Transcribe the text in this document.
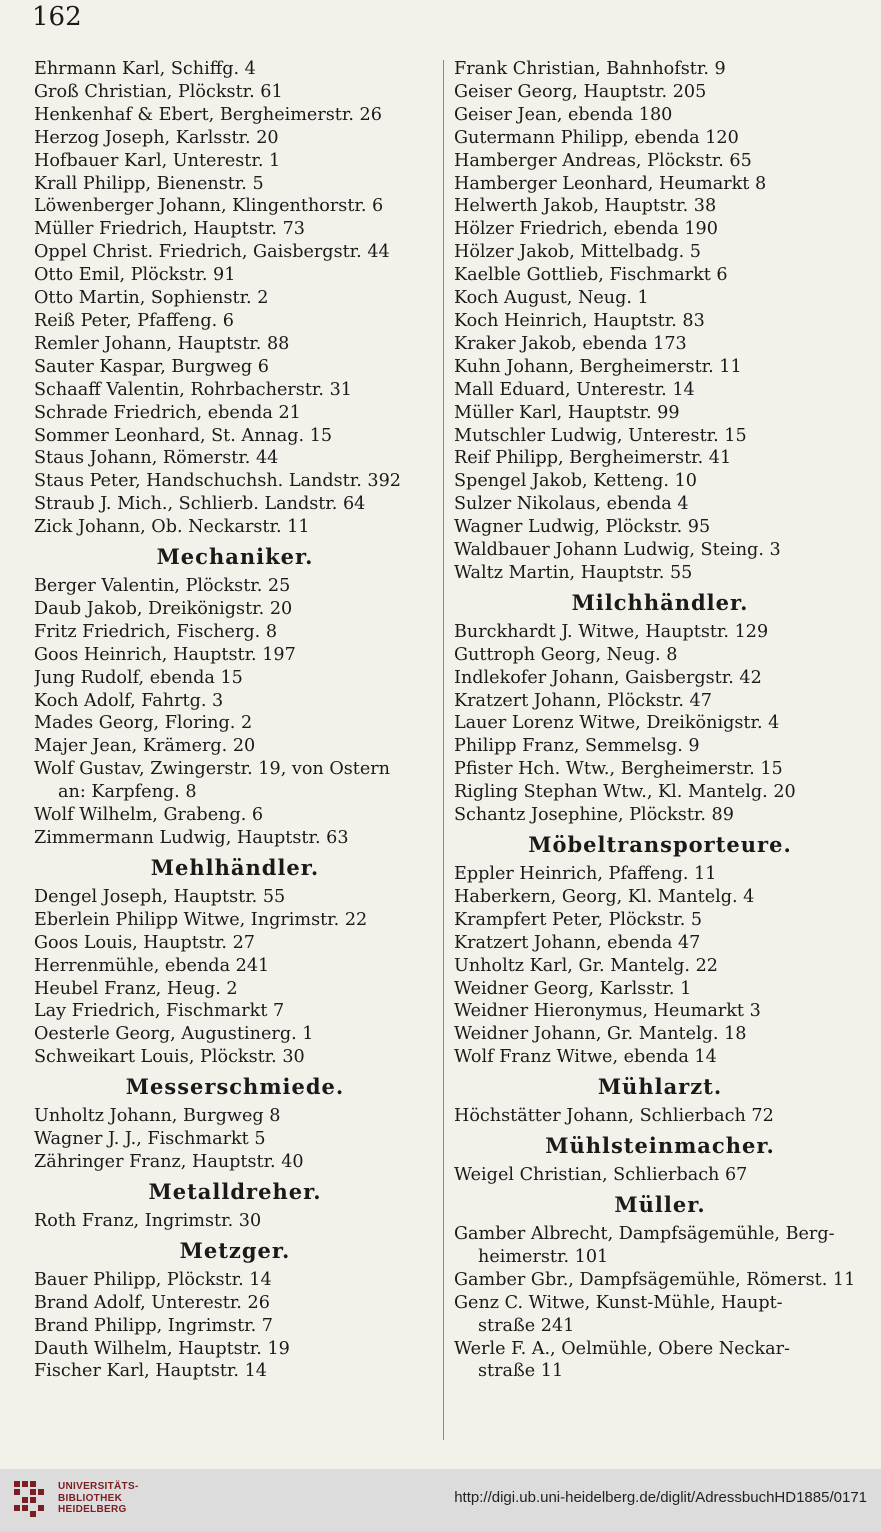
162
Ehrmann Karl, Schiffg. 4
Groß Christian, Plöckstr. 61
Henkenhaf & Ebert, Bergheimerstr. 26
Herzog Joseph, Karlsstr. 20
Hofbauer Karl, Unterestr. 1
Krall Philipp, Bienenstr. 5
Löwenberger Johann, Klingenthorstr. 6
Müller Friedrich, Hauptstr. 73
Oppel Christ. Friedrich, Gaisbergstr. 44
Otto Emil, Plöckstr. 91
Otto Martin, Sophienstr. 2
Reiß Peter, Pfaffeng. 6
Remler Johann, Hauptstr. 88
Sauter Kaspar, Burgweg 6
Schaaff Valentin, Rohrbacherstr. 31
Schrade Friedrich, ebenda 21
Sommer Leonhard, St. Annag. 15
Staus Johann, Römerstr. 44
Staus Peter, Handschuchsh. Landstr. 392
Straub J. Mich., Schlierb. Landstr. 64
Zick Johann, Ob. Neckarstr. 11
Mechaniker.
Berger Valentin, Plöckstr. 25
Daub Jakob, Dreikönigstr. 20
Fritz Friedrich, Fischerg. 8
Goos Heinrich, Hauptstr. 197
Jung Rudolf, ebenda 15
Koch Adolf, Fahrtg. 3
Mades Georg, Floring. 2
Majer Jean, Krämerg. 20
Wolf Gustav, Zwingerstr. 19, von Ostern
an: Karpfeng. 8
Wolf Wilhelm, Grabeng. 6
Zimmermann Ludwig, Hauptstr. 63
Mehlhändler.
Dengel Joseph, Hauptstr. 55
Eberlein Philipp Witwe, Ingrimstr. 22
Goos Louis, Hauptstr. 27
Herrenmühle, ebenda 241
Heubel Franz, Heug. 2
Lay Friedrich, Fischmarkt 7
Oesterle Georg, Augustinerg. 1
Schweikart Louis, Plöckstr. 30
Messerschmiede.
Unholtz Johann, Burgweg 8
Wagner J. J., Fischmarkt 5
Zähringer Franz, Hauptstr. 40
Metalldreher.
Roth Franz, Ingrimstr. 30
Metzger.
Bauer Philipp, Plöckstr. 14
Brand Adolf, Unterestr. 26
Brand Philipp, Ingrimstr. 7
Dauth Wilhelm, Hauptstr. 19
Fischer Karl, Hauptstr. 14
Frank Christian, Bahnhofstr. 9
Geiser Georg, Hauptstr. 205
Geiser Jean, ebenda 180
Gutermann Philipp, ebenda 120
Hamberger Andreas, Plöckstr. 65
Hamberger Leonhard, Heumarkt 8
Helwerth Jakob, Hauptstr. 38
Hölzer Friedrich, ebenda 190
Hölzer Jakob, Mittelbadg. 5
Kaelble Gottlieb, Fischmarkt 6
Koch August, Neug. 1
Koch Heinrich, Hauptstr. 83
Kraker Jakob, ebenda 173
Kuhn Johann, Bergheimerstr. 11
Mall Eduard, Unterestr. 14
Müller Karl, Hauptstr. 99
Mutschler Ludwig, Unterestr. 15
Reif Philipp, Bergheimerstr. 41
Spengel Jakob, Ketteng. 10
Sulzer Nikolaus, ebenda 4
Wagner Ludwig, Plöckstr. 95
Waldbauer Johann Ludwig, Steing. 3
Waltz Martin, Hauptstr. 55
Milchhändler.
Burckhardt J. Witwe, Hauptstr. 129
Guttroph Georg, Neug. 8
Indlekofer Johann, Gaisbergstr. 42
Kratzert Johann, Plöckstr. 47
Lauer Lorenz Witwe, Dreikönigstr. 4
Philipp Franz, Semmelsg. 9
Pfister Hch. Wtw., Bergheimerstr. 15
Rigling Stephan Wtw., Kl. Mantelg. 20
Schantz Josephine, Plöckstr. 89
Möbeltransporteure.
Eppler Heinrich, Pfaffeng. 11
Haberkern, Georg, Kl. Mantelg. 4
Krampfert Peter, Plöckstr. 5
Kratzert Johann, ebenda 47
Unholtz Karl, Gr. Mantelg. 22
Weidner Georg, Karlsstr. 1
Weidner Hieronymus, Heumarkt 3
Weidner Johann, Gr. Mantelg. 18
Wolf Franz Witwe, ebenda 14
Mühlarzt.
Höchstätter Johann, Schlierbach 72
Mühlsteinmacher.
Weigel Christian, Schlierbach 67
Müller.
Gamber Albrecht, Dampfsägemühle, Berg-
heimerstr. 101
Gamber Gbr., Dampfsägemühle, Römerst. 11
Genz C. Witwe, Kunst-Mühle, Haupt-
straße 241
Werle F. A., Oelmühle, Obere Neckar-
straße 11
UNIVERSITÄTS-
BIBLIOTHEK
HEIDELBERG
http://digi.ub.uni-heidelberg.de/diglit/AdressbuchHD1885/0171
